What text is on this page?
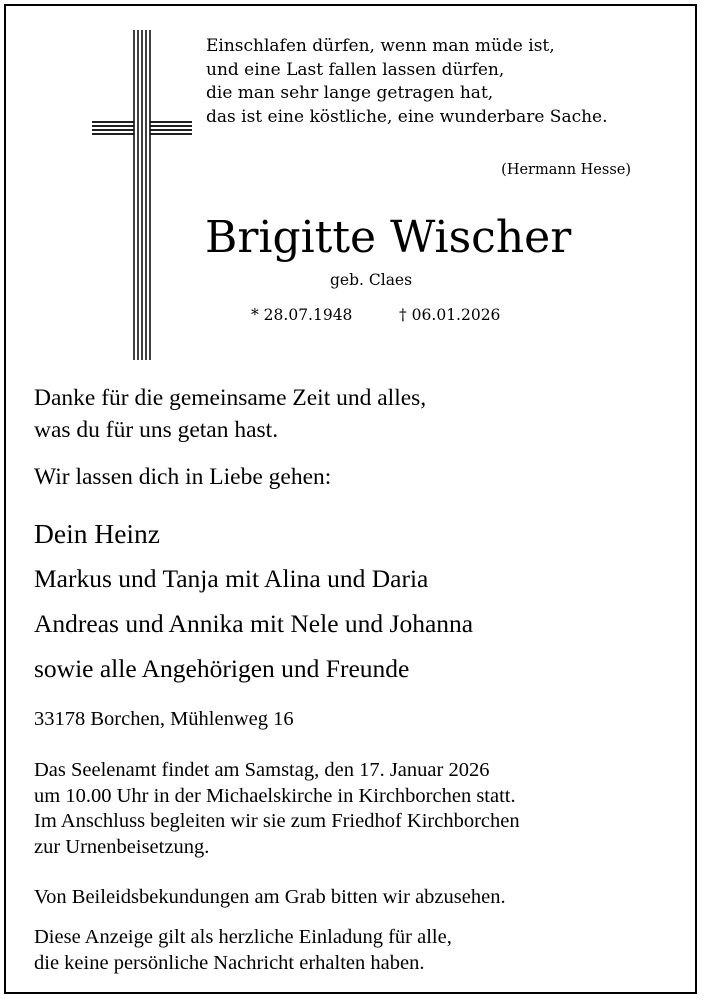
Einschlafen dürfen, wenn man müde ist,
und eine Last fallen lassen dürfen,
die man sehr lange getragen hat,
das ist eine köstliche, eine wunderbare Sache.
(Hermann Hesse)
Brigitte Wischer
geb. Claes
* 28.07.1948	† 06.01.2026
Danke für die gemeinsame Zeit und alles,
was du für uns getan hast.
Wir lassen dich in Liebe gehen:
Dein Heinz
Markus und Tanja mit Alina und Daria
Andreas und Annika mit Nele und Johanna
sowie alle Angehörigen und Freunde
33178 Borchen, Mühlenweg 16
Das Seelenamt findet am Samstag, den 17. Januar 2026
um 10.00 Uhr in der Michaelskirche in Kirchborchen statt.
Im Anschluss begleiten wir sie zum Friedhof Kirchborchen
zur Urnenbeisetzung.
Von Beileidsbekundungen am Grab bitten wir abzusehen.
Diese Anzeige gilt als herzliche Einladung für alle,
die keine persönliche Nachricht erhalten haben.
